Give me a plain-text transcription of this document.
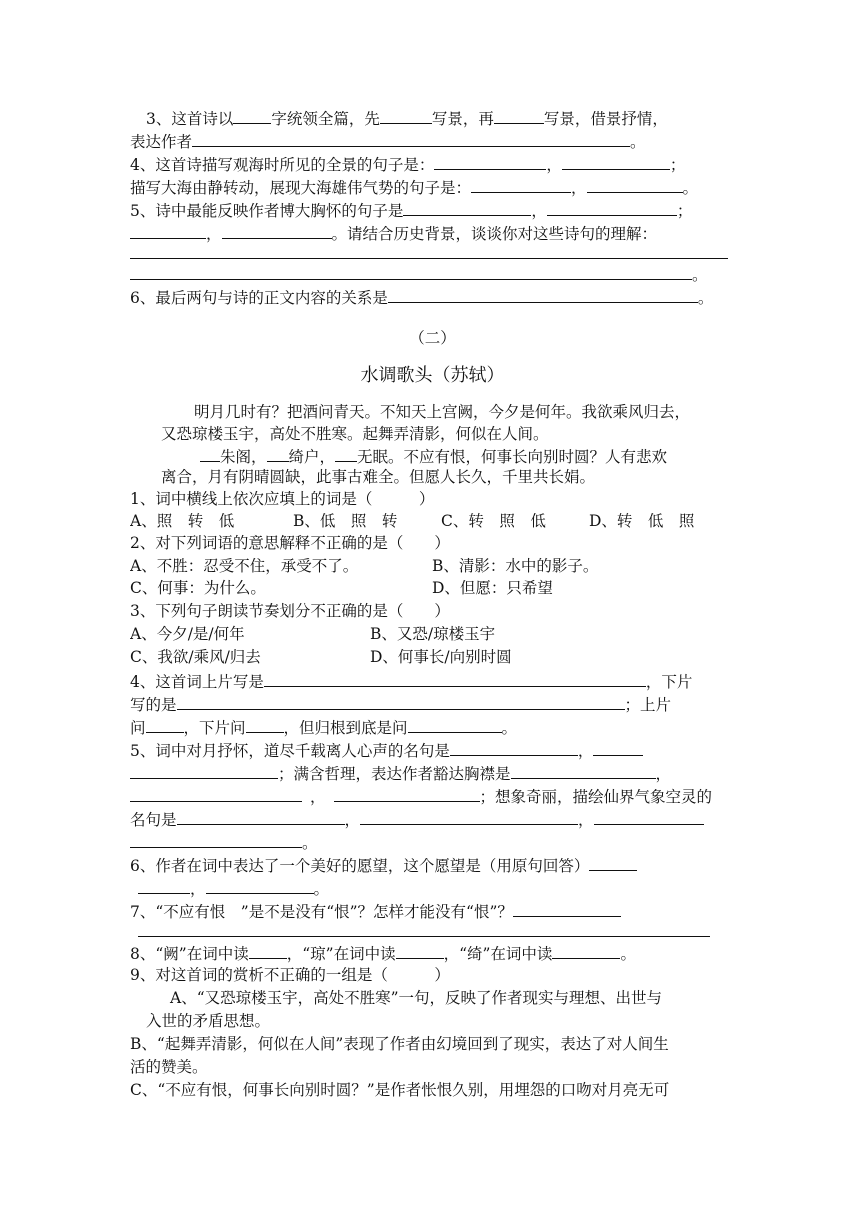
3、这首诗以 字统领全篇，先	写景，再	写景，借景抒情，
表达作者	。
4、这首诗描写观海时所见的全景的句子是：	，	；
描写大海由静转动，展现大海雄伟气势的句子是：	，	。
5、诗中最能反映作者博大胸怀的句子是	，	；
，	。请结合历史背景，谈谈你对这些诗句的理解：
。
6、最后两句与诗的正文内容的关系是	。
（二）
水调歌头（苏轼）
明月几时有？把酒问青天。不知天上宫阙，今夕是何年。我欲乘风归去，
又恐琼楼玉宇，高处不胜寒。起舞弄清影，何似在人间。
朱阁， 绮户， 无眠。不应有恨，何事长向别时圆？人有悲欢
离合，月有阴晴圆缺，此事古难全。但愿人长久，千里共长娟。
1、词中横线上依次应填上的词是（　　　）
A、照　转　低	B、低　照　转	C、转　照　低	D、转　低　照
2、对下列词语的意思解释不正确的是（　　）
A、不胜：忍受不住，承受不了。	B、清影：水中的影子。
C、何事：为什么。	D、但愿：只希望
3、下列句子朗读节奏划分不正确的是（　　）
A、今夕/是/何年	B、又恐/琼楼玉宇
C、我欲/乘风/归去	D、何事长/向别时圆
4、这首词上片写是	，下片
写的是	；上片
问 ，下片问 ，但归根到底是问	。
5、词中对月抒怀，道尽千载离人心声的名句是	，
；满含哲理，表达作者豁达胸襟是	，
，	；想象奇丽，描绘仙界气象空灵的
名句是	，	，
。
6、作者在词中表达了一个美好的愿望，这个愿望是（用原句回答）
，	。
7、“不应有恨　”是不是没有“恨”？怎样才能没有“恨”？
8、“阙”在词中读 ，“琼”在词中读	，“绮”在词中读	。
9、对这首词的赏析不正确的一组是（　　　）
A、“又恐琼楼玉宇，高处不胜寒”一句，反映了作者现实与理想、出世与
入世的矛盾思想。
B、“起舞弄清影，何似在人间”表现了作者由幻境回到了现实，表达了对人间生
活的赞美。
C、“不应有恨，何事长向别时圆？”是作者怅恨久别，用埋怨的口吻对月亮无可
